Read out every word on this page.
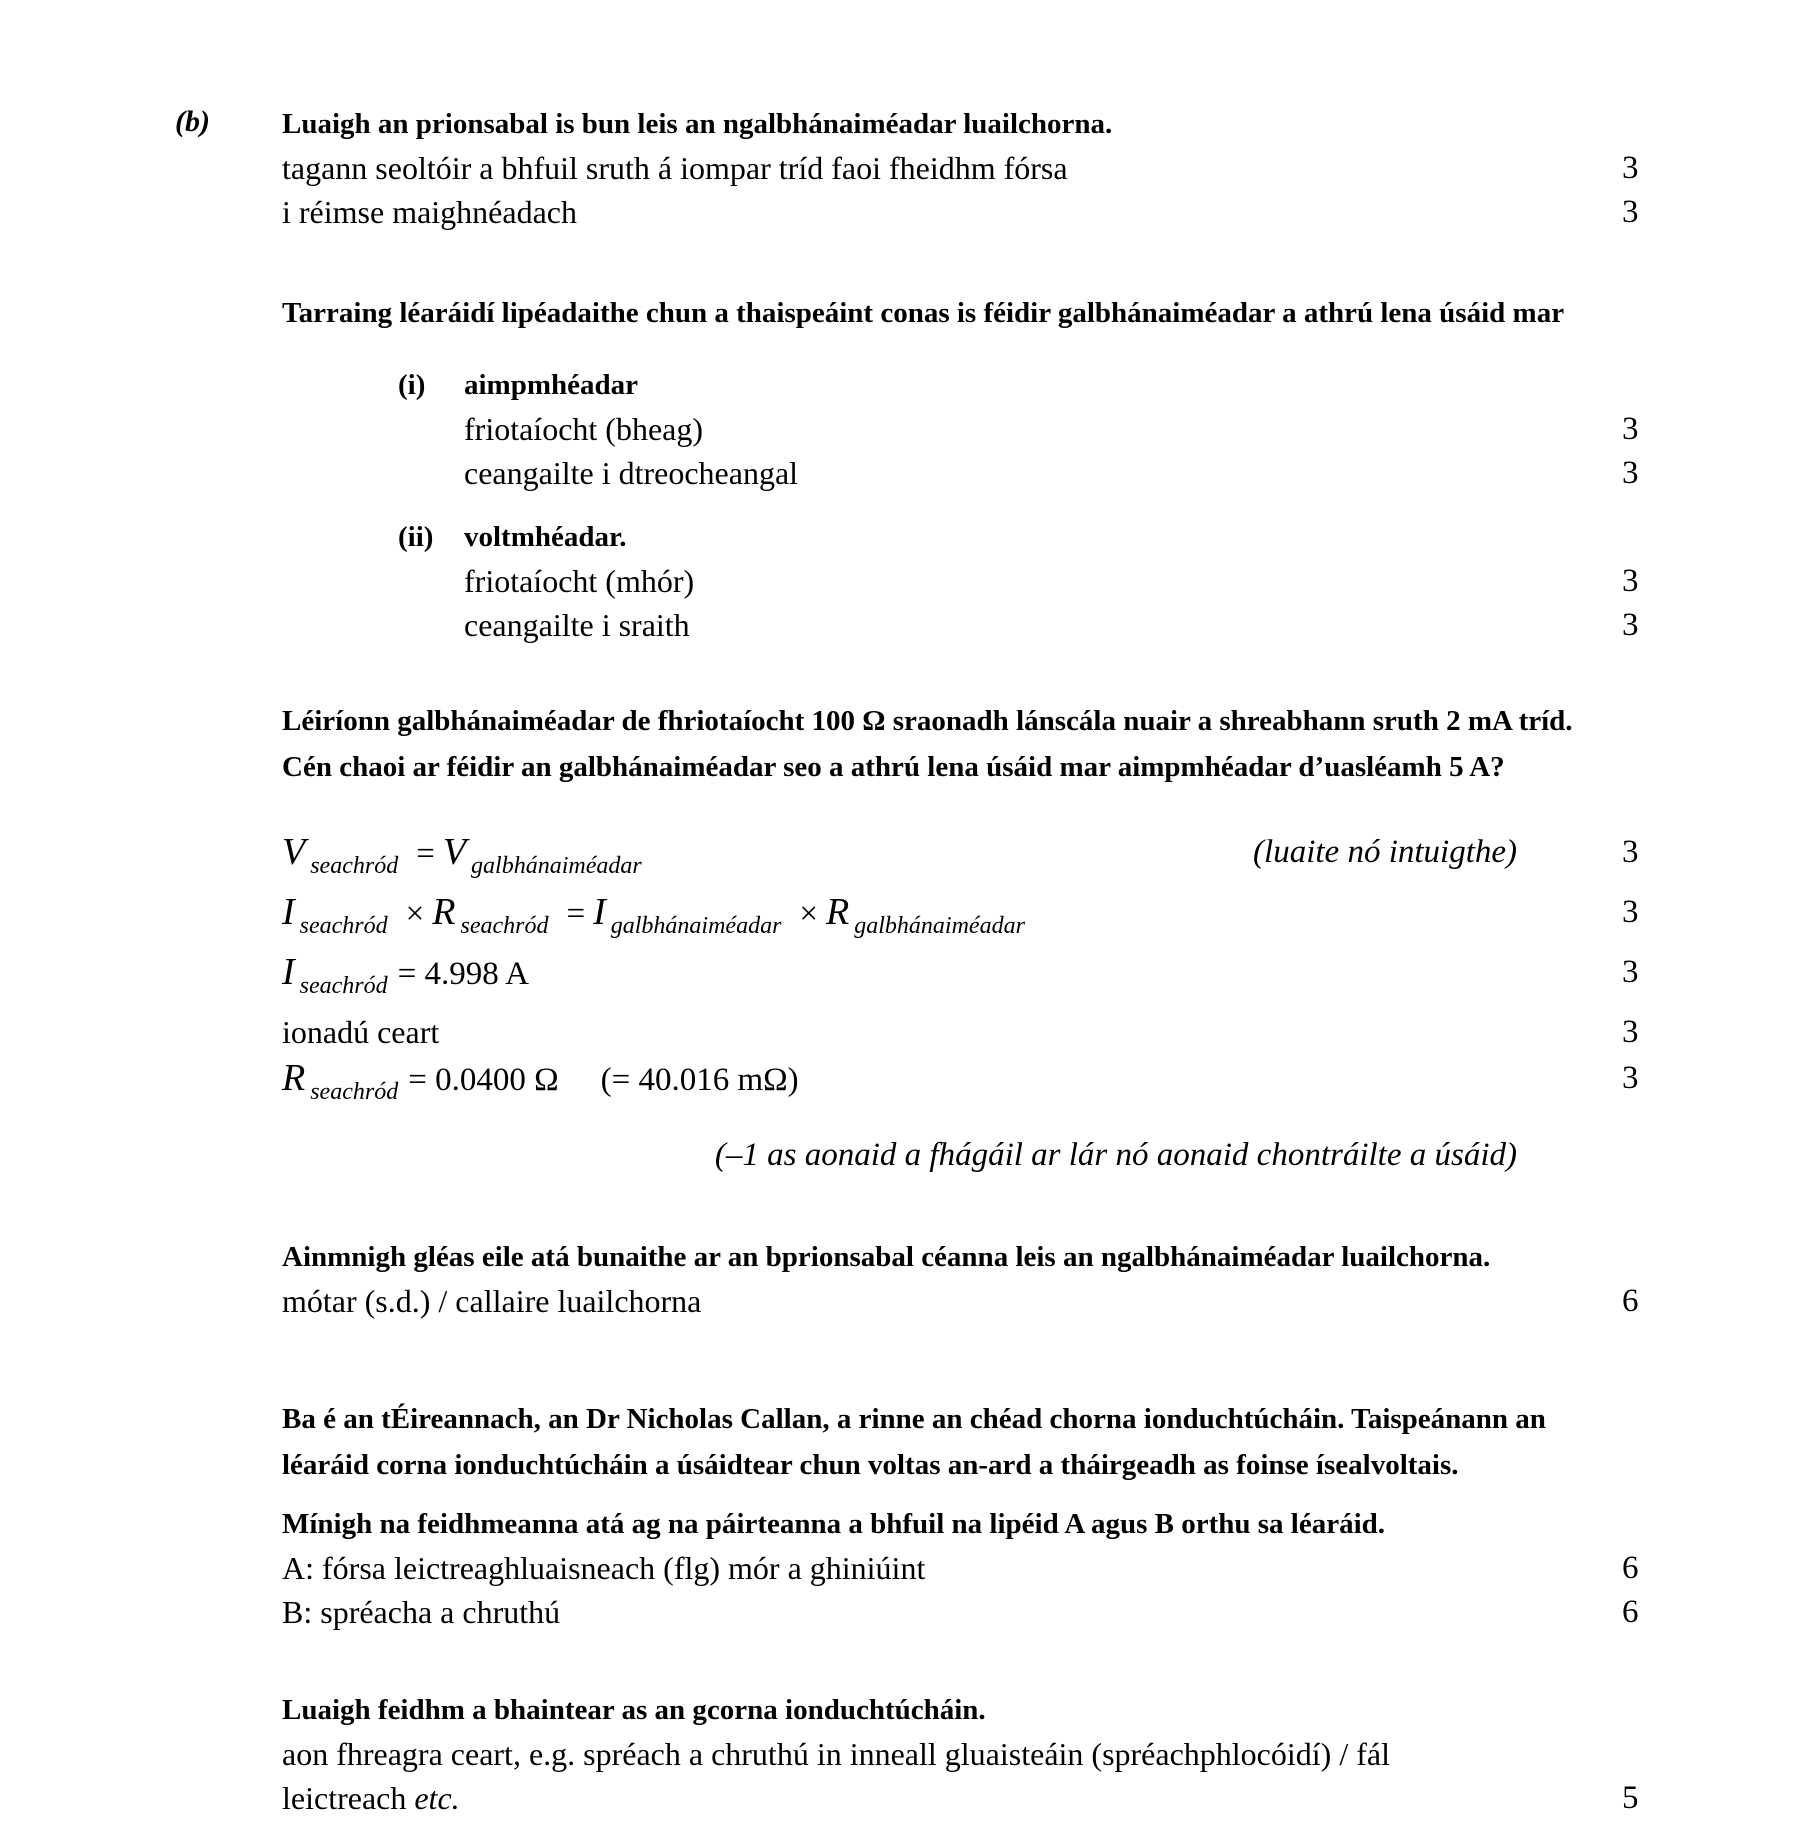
(b) Luaigh an prionsabal is bun leis an ngalbhánaiméadar luailchorna.
tagann seoltóir a bhfuil sruth á iompar tríd faoi fheidhm fórsa	3
i réimse maighnéadach	3
Tarraing léaráidí lipéadaithe chun a thaispeáint conas is féidir galbhánaiméadar a athrú lena úsáid mar
(i) aimpmhéadar
friotaíocht (bheag)	3
ceangailte i dtreocheangal	3
(ii) voltmhéadar.
friotaíocht (mhór)	3
ceangailte i sraith	3
Léiríonn galbhánaiméadar de fhriotaíocht 100 Ω sraonadh lánscála nuair a shreabhann sruth 2 mA tríd.
Cén chaoi ar féidir an galbhánaiméadar seo a athrú lena úsáid mar aimpmhéadar d’uasléamh 5 A?
V $_{seachród}$ = V $_{galbhánaiméadar}$	(luaite nó intuigthe)	3
I $_{seachród}$ × R $_{seachród}$ = I $_{galbhánaiméadar}$ × R $_{galbhánaiméadar}$	3
I $_{seachród}$ = 4.998 A	3
ionadú ceart	3
R $_{seachród}$ = 0.0400 Ω (= 40.016 mΩ)	3
(–1 as aonaid a fhágáil ar lár nó aonaid chontráilte a úsáid)
Ainmnigh gléas eile atá bunaithe ar an bprionsabal céanna leis an ngalbhánaiméadar luailchorna.
mótar (s.d.) / callaire luailchorna	6
Ba é an tÉireannach, an Dr Nicholas Callan, a rinne an chéad chorna ionduchtúcháin. Taispeánann an
léaráid corna ionduchtúcháin a úsáidtear chun voltas an-ard a tháirgeadh as foinse ísealvoltais.
Mínigh na feidhmeanna atá ag na páirteanna a bhfuil na lipéid A agus B orthu sa léaráid.
A: fórsa leictreaghluaisneach (flg) mór a ghiniúint	6
B: spréacha a chruthú	6
Luaigh feidhm a bhaintear as an gcorna ionduchtúcháin.
aon fhreagra ceart, e.g. spréach a chruthú in inneall gluaisteáin (spréachphlocóidí) / fál
leictreach etc.	5
